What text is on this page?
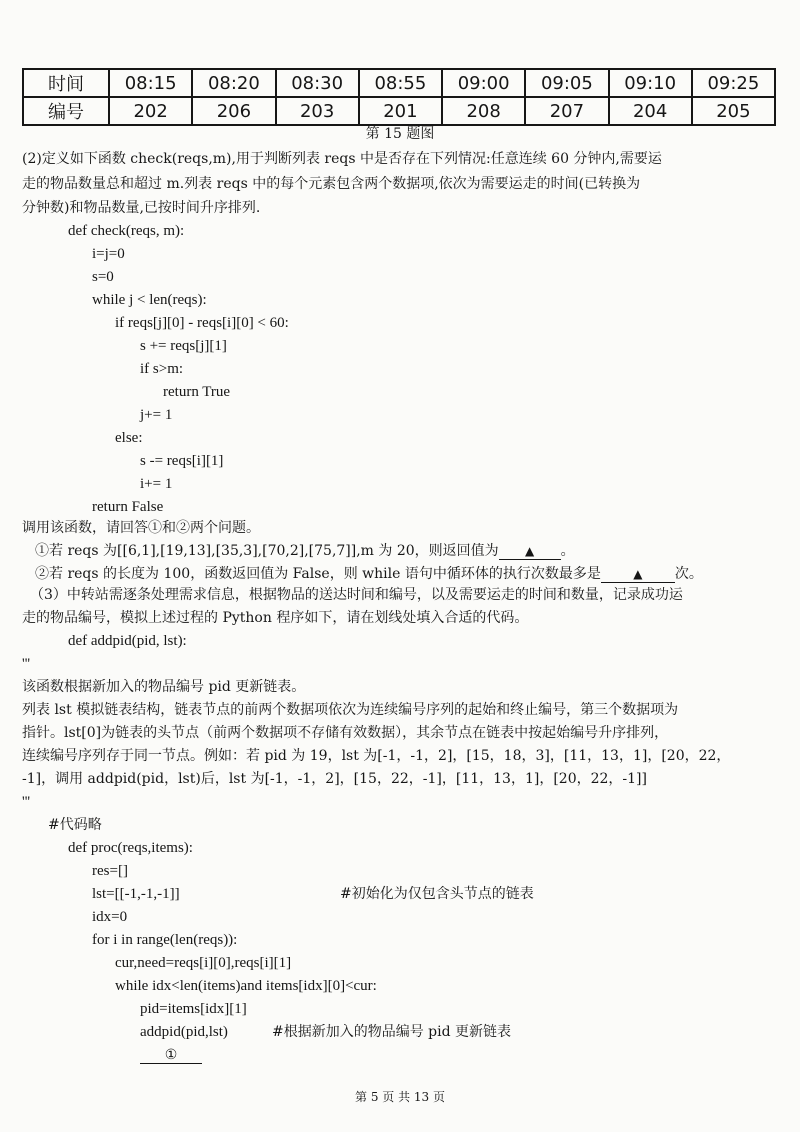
时间	08:15	08:20	08:30	08:55	09:00	09:05	09:10	09:25
编号	202	206	203	201	208	207	204	205
第 15 题图
(2)定义如下函数 check(reqs,m),用于判断列表 reqs 中是否存在下列情况:任意连续 60 分钟内,需要运
走的物品数量总和超过 m.列表 reqs 中的每个元素包含两个数据项,依次为需要运走的时间(已转换为
分钟数)和物品数量,已按时间升序排列.
def check(reqs, m):
i=j=0
s=0
while j < len(reqs):
if reqs[j][0] - reqs[i][0] < 60:
s += reqs[j][1]
if s>m:
return True
j+= 1
else:
s -= reqs[i][1]
i+= 1
return False
调用该函数，请回答①和②两个问题。
①若 reqs 为[[6,1],[19,13],[35,3],[70,2],[75,7]],m 为 20，则返回值为 ▲ 。
②若 reqs 的长度为 100，函数返回值为 False，则 while 语句中循环体的执行次数最多是	▲ 次。
（3）中转站需逐条处理需求信息，根据物品的送达时间和编号，以及需要运走的时间和数量，记录成功运
走的物品编号，模拟上述过程的 Python 程序如下，请在划线处填入合适的代码。
def addpid(pid, lst):
'''
该函数根据新加入的物品编号 pid 更新链表。
列表 lst 模拟链表结构，链表节点的前两个数据项依次为连续编号序列的起始和终止编号，第三个数据项为
指针。lst[0]为链表的头节点（前两个数据项不存储有效数据），其余节点在链表中按起始编号升序排列，
连续编号序列存于同一节点。例如：若 pid 为 19，lst 为[-1，-1，2]，[15，18，3]，[11，13，1]，[20，22，
-1]，调用 addpid(pid，lst)后，lst 为[-1，-1，2]，[15，22，-1]，[11，13，1]，[20，22，-1]]
'''
#代码略
def proc(reqs,items):
res=[]
lst=[[-1,-1,-1]]	#初始化为仅包含头节点的链表
idx=0
for i in range(len(reqs)):
cur,need=reqs[i][0],reqs[i][1]
while idx<len(items)and items[idx][0]<cur:
pid=items[idx][1]
addpid(pid,lst)	#根据新加入的物品编号 pid 更新链表
①
第 5 页 共 13 页
